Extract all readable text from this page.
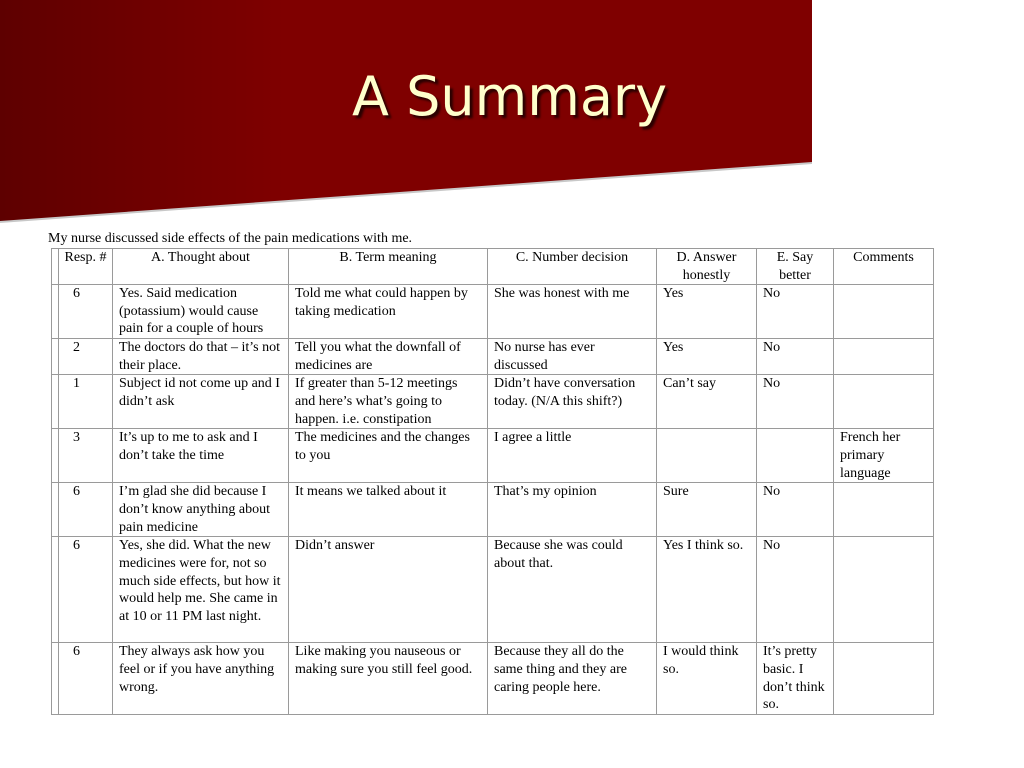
A Summary
My nurse discussed side effects of the pain medications with me.
	Resp. #	A. Thought about	B. Term meaning	C. Number decision	D. Answer honestly	E. Say better	Comments
	6	Yes. Said medication (potassium) would cause pain for a couple of hours	Told me what could happen by taking medication	She was honest with me	Yes	No	
	2	The doctors do that – it’s not their place.	Tell you what the downfall of medicines are	No nurse has ever discussed	Yes	No	
	1	Subject id not come up and I didn’t ask	If greater than 5-12 meetings and here’s what’s going to happen. i.e. constipation	Didn’t have conversation today. (N/A this shift?)	Can’t say	No	
	3	It’s up to me to ask and I don’t take the time	The medicines and the changes to you	I agree a little			French her primary language
	6	I’m glad she did because I don’t know anything about pain medicine	It means we talked about it	That’s my opinion	Sure	No	
	6	Yes, she did. What the new medicines were for, not so much side effects, but how it would help me. She came in at 10 or 11 PM last night.	Didn’t answer	Because she was could about that.	Yes I think so.	No	
	6	They always ask how you feel or if you have anything wrong.	Like making you nauseous or making sure you still feel good.	Because they all do the same thing and they are caring people here.	I would think so.	It’s pretty basic. I don’t think so.	
